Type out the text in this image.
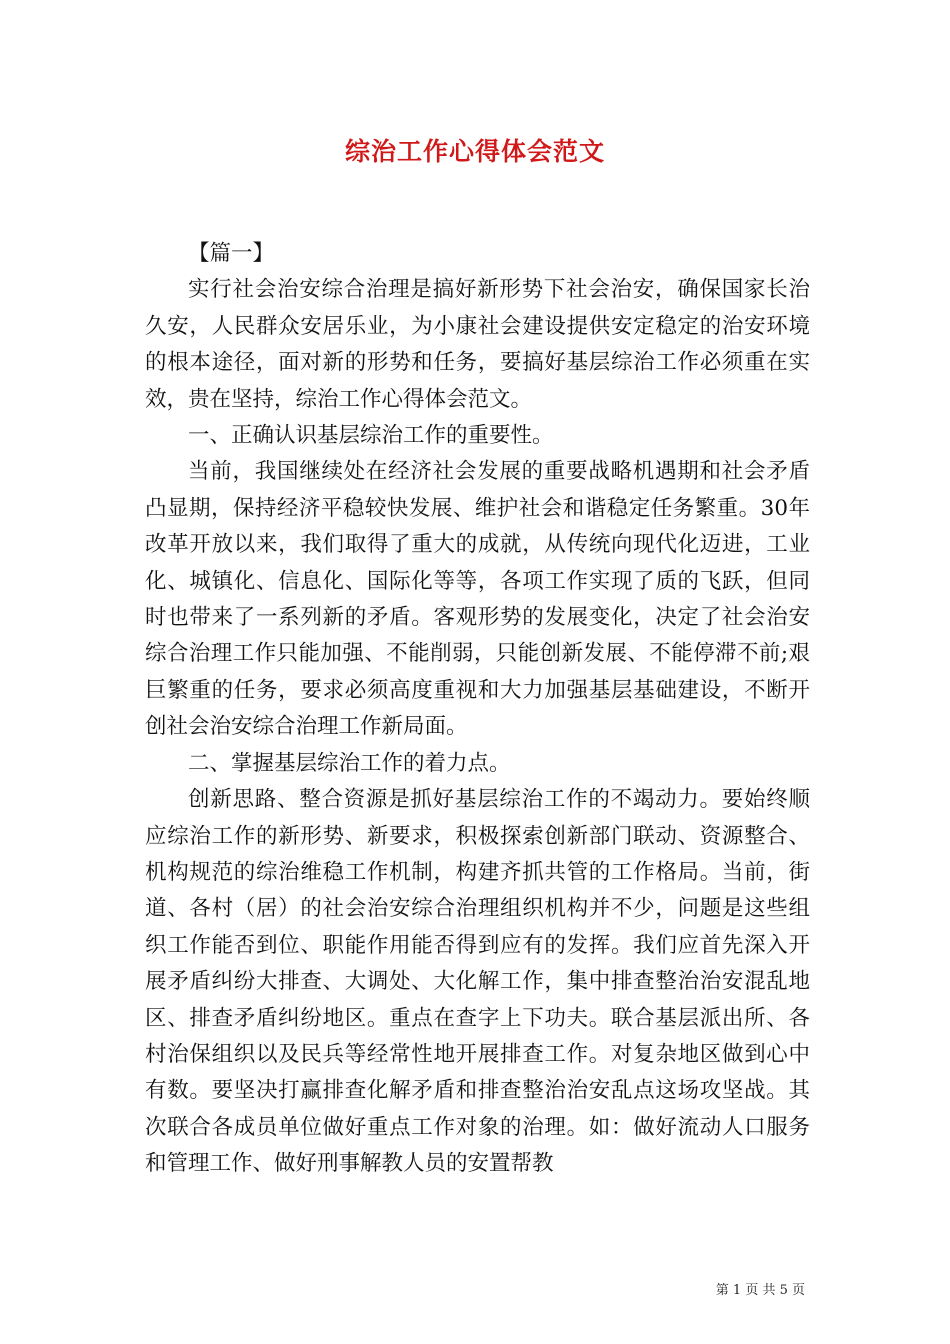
综治工作心得体会范文

【篇一】

实行社会治安综合治理是搞好新形势下社会治安，确保国家长治久安，人民群众安居乐业，为小康社会建设提供安定稳定的治安环境的根本途径，面对新的形势和任务，要搞好基层综治工作必须重在实效，贵在坚持，综治工作心得体会范文。

一、正确认识基层综治工作的重要性。

当前，我国继续处在经济社会发展的重要战略机遇期和社会矛盾凸显期，保持经济平稳较快发展、维护社会和谐稳定任务繁重。30年改革开放以来，我们取得了重大的成就，从传统向现代化迈进，工业化、城镇化、信息化、国际化等等，各项工作实现了质的飞跃，但同时也带来了一系列新的矛盾。客观形势的发展变化，决定了社会治安综合治理工作只能加强、不能削弱，只能创新发展、不能停滞不前;艰巨繁重的任务，要求必须高度重视和大力加强基层基础建设，不断开创社会治安综合治理工作新局面。

二、掌握基层综治工作的着力点。

创新思路、整合资源是抓好基层综治工作的不竭动力。要始终顺应综治工作的新形势、新要求，积极探索创新部门联动、资源整合、机构规范的综治维稳工作机制，构建齐抓共管的工作格局。当前，街道、各村（居）的社会治安综合治理组织机构并不少，问题是这些组织工作能否到位、职能作用能否得到应有的发挥。我们应首先深入开展矛盾纠纷大排查、大调处、大化解工作，集中排查整治治安混乱地区、排查矛盾纠纷地区。重点在查字上下功夫。联合基层派出所、各村治保组织以及民兵等经常性地开展排查工作。对复杂地区做到心中有数。要坚决打赢排查化解矛盾和排查整治治安乱点这场攻坚战。其次联合各成员单位做好重点工作对象的治理。如：做好流动人口服务和管理工作、做好刑事解教人员的安置帮教

第 1 页 共 5 页
